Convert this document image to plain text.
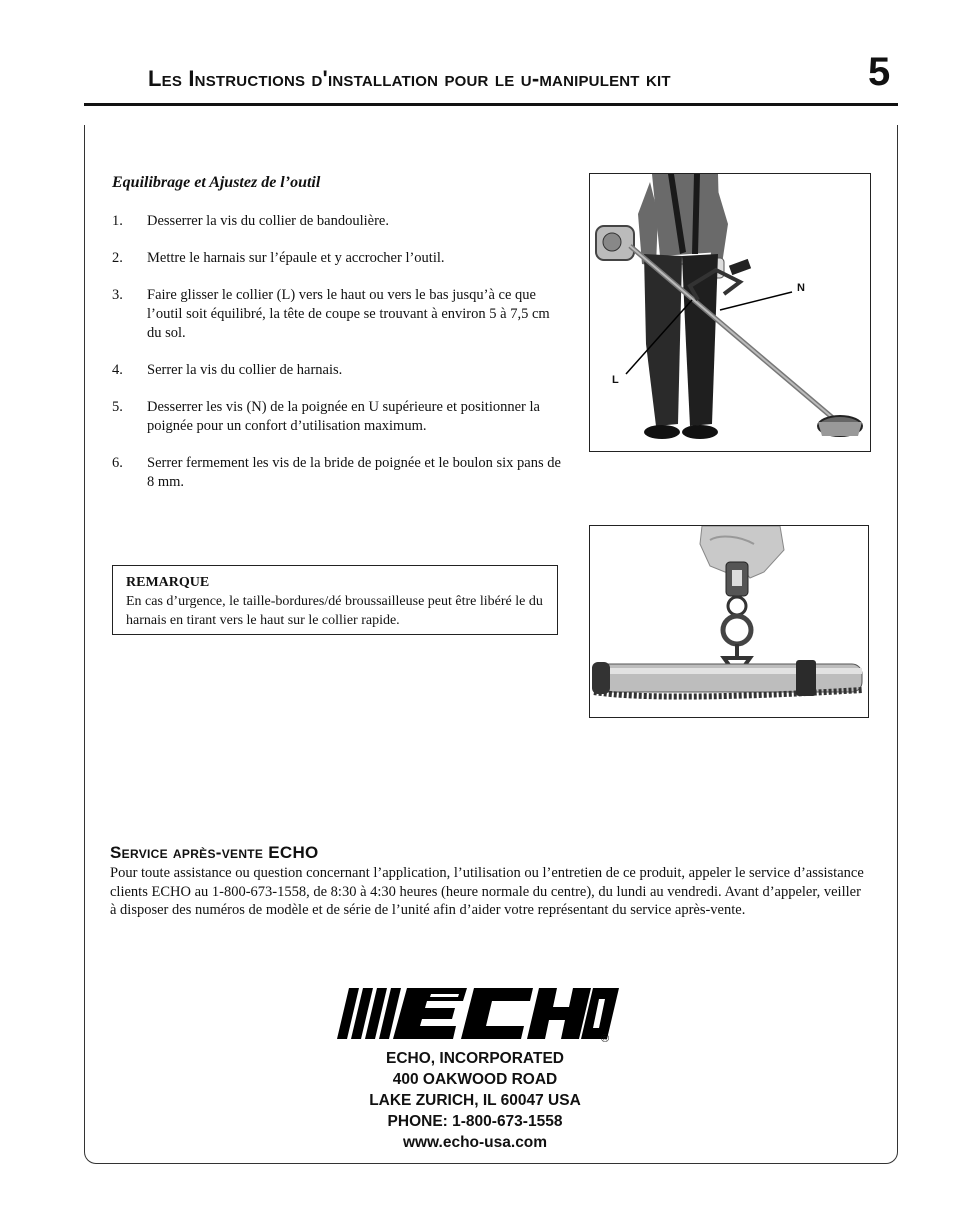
Les Instructions d'installation pour le u-manipulent kit	5
Equilibrage et Ajustez de l’outil
1. Desserrer la vis du collier de bandoulière.
2. Mettre le harnais sur l’épaule et y accrocher l’outil.
3. Faire glisser le collier (L) vers le haut ou vers le bas jusqu’à ce que l’outil soit équilibré, la tête de coupe se trouvant à environ 5 à 7,5 cm du sol.
4. Serrer la vis du collier de harnais.
5. Desserrer les vis (N) de la poignée en U supérieure et positionner la poignée pour un confort d’utilisation maximum.
6. Serrer fermement les vis de la bride de poignée et le boulon six pans de 8 mm.
REMARQUE
En cas d’urgence, le taille-bordures/dé broussailleuse peut être libéré le du harnais en tirant vers le haut sur le collier rapide.
N
L
Service après-vente ECHO
Pour toute assistance ou question concernant l’application, l’utilisation ou l’entretien de ce produit, appeler le service d’assistance clients ECHO au 1-800-673-1558, de 8:30 à 4:30 heures (heure normale du centre), du lundi au vendredi. Avant d’appeler, veiller à disposer des numéros de modèle et de série de l’unité afin d’aider votre représentant du service après-vente.
®
ECHO, INCORPORATED
400 OAKWOOD ROAD
LAKE ZURICH, IL 60047 USA
PHONE: 1-800-673-1558
www.echo-usa.com
